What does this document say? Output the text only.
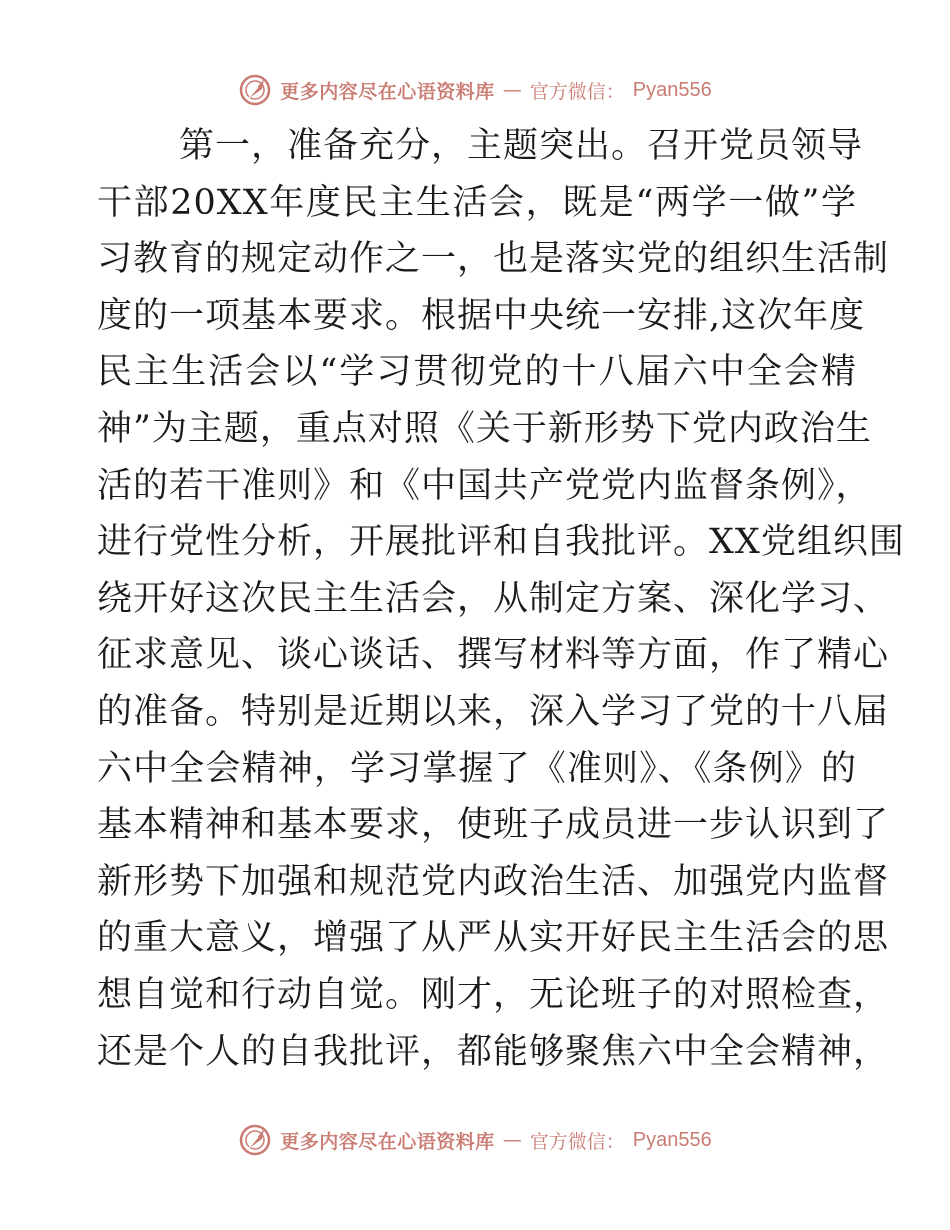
更多内容尽在心语资料库 — 官方微信： Pyan556
第一，准备充分，主题突出。召开党员领导
干部20XX年度民主生活会，既是“两学一做”学
习教育的规定动作之一，也是落实党的组织生活制
度的一项基本要求。根据中央统一安排,这次年度
民主生活会以“学习贯彻党的十八届六中全会精
神”为主题，重点对照《关于新形势下党内政治生
活的若干准则》和《中国共产党党内监督条例》，
进行党性分析，开展批评和自我批评。XX党组织围
绕开好这次民主生活会，从制定方案、深化学习、
征求意见、谈心谈话、撰写材料等方面，作了精心
的准备。特别是近期以来，深入学习了党的十八届
六中全会精神，学习掌握了《准则》、《条例》的
基本精神和基本要求，使班子成员进一步认识到了
新形势下加强和规范党内政治生活、加强党内监督
的重大意义，增强了从严从实开好民主生活会的思
想自觉和行动自觉。刚才，无论班子的对照检查，
还是个人的自我批评，都能够聚焦六中全会精神，
更多内容尽在心语资料库 — 官方微信： Pyan556
